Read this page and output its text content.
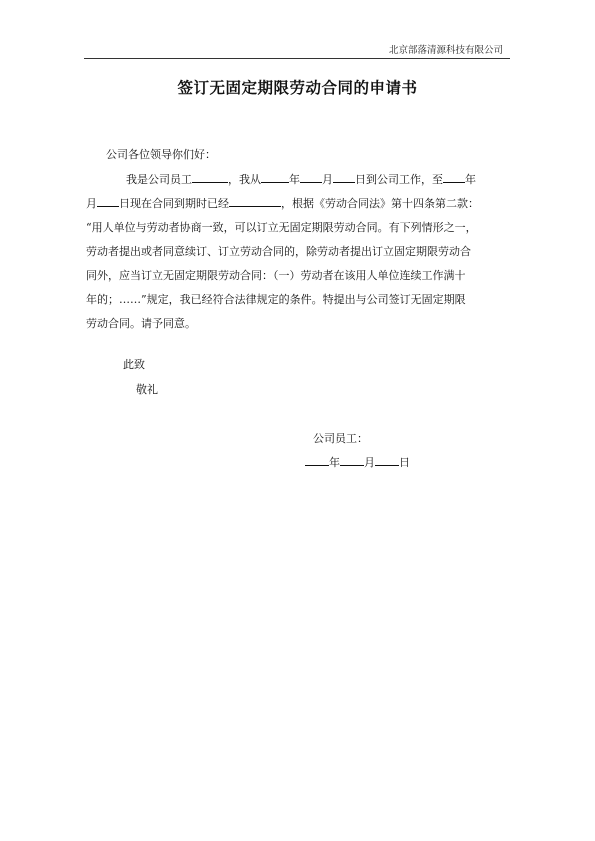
北京部落清源科技有限公司
签订无固定期限劳动合同的申请书
公司各位领导你们好：
我是公司员工	，我从	年 月 日到公司工作，至 年
月 日现在合同到期时已经	，根据《劳动合同法》第十四条第二款：
“用人单位与劳动者协商一致，可以订立无固定期限劳动合同。有下列情形之一，
劳动者提出或者同意续订、订立劳动合同的，除劳动者提出订立固定期限劳动合
同外，应当订立无固定期限劳动合同：（一）劳动者在该用人单位连续工作满十
年的；……”规定，我已经符合法律规定的条件。特提出与公司签订无固定期限
劳动合同。请予同意。
此致
敬礼
公司员工：
年 月 日
